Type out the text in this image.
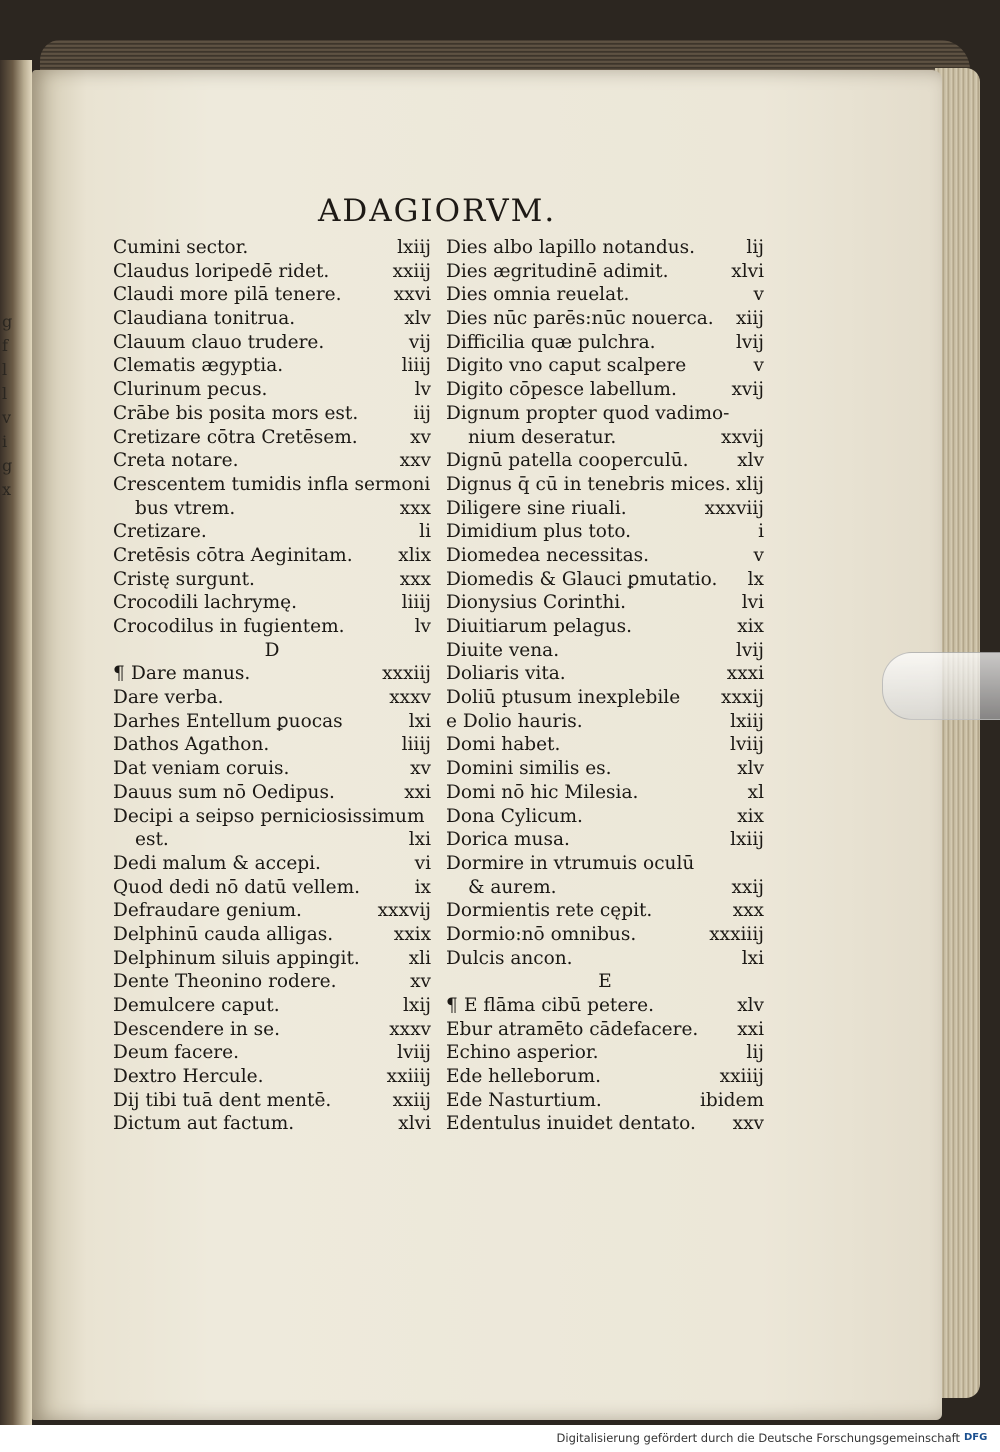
g
f
l
l
v
i
g
x
ADAGIORVM.
Cumini sector.	lxiij
Claudus loripedē ridet.	xxiij
Claudi more pilā tenere.	xxvi
Claudiana tonitrua.	xlv
Clauum clauo trudere.	vij
Clematis ægyptia.	liiij
Clurinum pecus.	lv
Crābe bis posita mors est.	iij
Cretizare cōtra Cretēsem.	xv
Creta notare.	xxv
Crescentem tumidis infla sermoni
bus vtrem.	xxx
Cretizare.	li
Cretēsis cōtra Aeginitam. xlix
Cristę surgunt.	xxx
Crocodili lachrymę.	liiij
Crocodilus in fugientem.	lv
D
¶ Dare manus.	xxxiij
Dare verba.	xxxv
Darhes Entellum ꝑuocas	lxi
Dathos Agathon.	liiij
Dat veniam coruis.	xv
Dauus sum nō Oedipus.	xxi
Decipi a seipso perniciosissimum
est.	lxi
Dedi malum & accepi.	vi
Quod dedi nō datū vellem.	ix
Defraudare genium.	xxxvij
Delphinū cauda alligas.	xxix
Delphinum siluis appingit.	xli
Dente Theonino rodere.	xv
Demulcere caput.	lxij
Descendere in se.	xxxv
Deum facere.	lviij
Dextro Hercule.	xxiiij
Dij tibi tuā dent mentē.	xxiij
Dictum aut factum.	xlvi
Dies albo lapillo notandus.	lij
Dies ægritudinē adimit.	xlvi
Dies omnia reuelat.	v
Dies nūc parēs:nūc nouerca. xiij
Difficilia quæ pulchra.	lvij
Digito vno caput scalpere	v
Digito cōpesce labellum.	xvij
Dignum propter quod vadimo-
nium deseratur.	xxvij
Dignū patella cooperculū.	xlv
Dignus q̄ cū in tenebris mices. xlij
Diligere sine riuali.	xxxviij
Dimidium plus toto.	i
Diomedea necessitas.	v
Diomedis & Glauci ꝑmutatio. lx
Dionysius Corinthi.	lvi
Diuitiarum pelagus.	xix
Diuite vena.	lvij
Doliaris vita.	xxxi
Doliū ptusum inexplebile xxxij
e Dolio hauris.	lxiij
Domi habet.	lviij
Domini similis es.	xlv
Domi nō hic Milesia.	xl
Dona Cylicum.	xix
Dorica musa.	lxiij
Dormire in vtrumuis oculū
& aurem.	xxij
Dormientis rete cępit.	xxx
Dormio:nō omnibus.	xxxiiij
Dulcis ancon.	lxi
E
¶ E flāma cibū petere.	xlv
Ebur atramēto cādefacere. xxi
Echino asperior.	lij
Ede helleborum.	xxiiij
Ede Nasturtium.	ibidem
Edentulus inuidet dentato. xxv
Digitalisierung gefördert durch die Deutsche Forschungsgemeinschaft DFG
